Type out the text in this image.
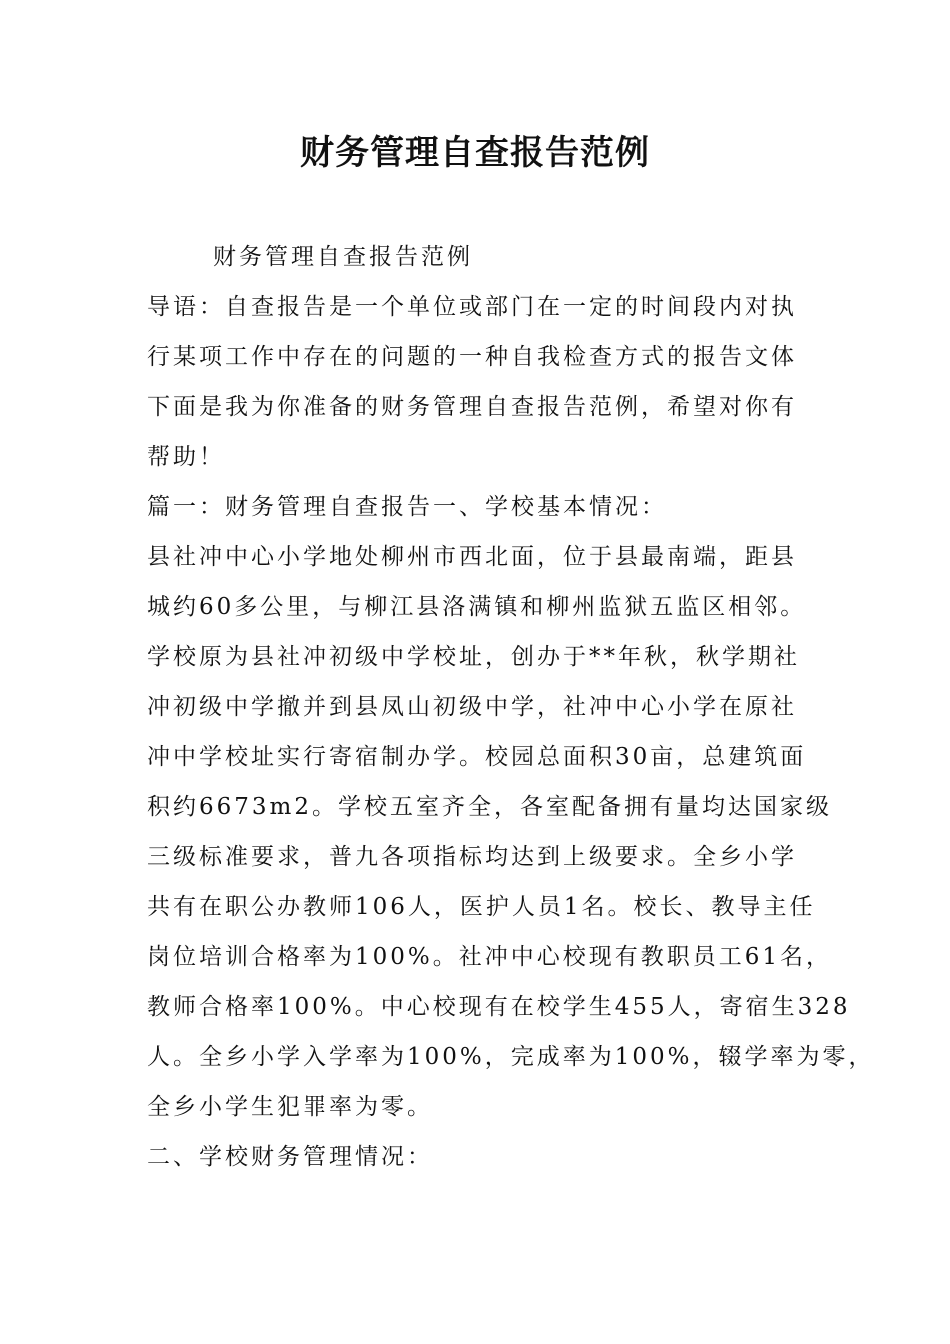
财务管理自查报告范例
财务管理自查报告范例
导语：自查报告是一个单位或部门在一定的时间段内对执
行某项工作中存在的问题的一种自我检查方式的报告文体
下面是我为你准备的财务管理自查报告范例，希望对你有
帮助！
篇一：财务管理自查报告一、学校基本情况：
县社冲中心小学地处柳州市西北面，位于县最南端，距县
城约60多公里，与柳江县洛满镇和柳州监狱五监区相邻。
学校原为县社冲初级中学校址，创办于**年秋，秋学期社
冲初级中学撤并到县凤山初级中学，社冲中心小学在原社
冲中学校址实行寄宿制办学。校园总面积30亩，总建筑面
积约6673m2。学校五室齐全，各室配备拥有量均达国家级
三级标准要求，普九各项指标均达到上级要求。全乡小学
共有在职公办教师106人，医护人员1名。校长、教导主任
岗位培训合格率为100%。社冲中心校现有教职员工61名，
教师合格率100%。中心校现有在校学生455人，寄宿生328
人。全乡小学入学率为100%，完成率为100%，辍学率为零，
全乡小学生犯罪率为零。
二、学校财务管理情况：
